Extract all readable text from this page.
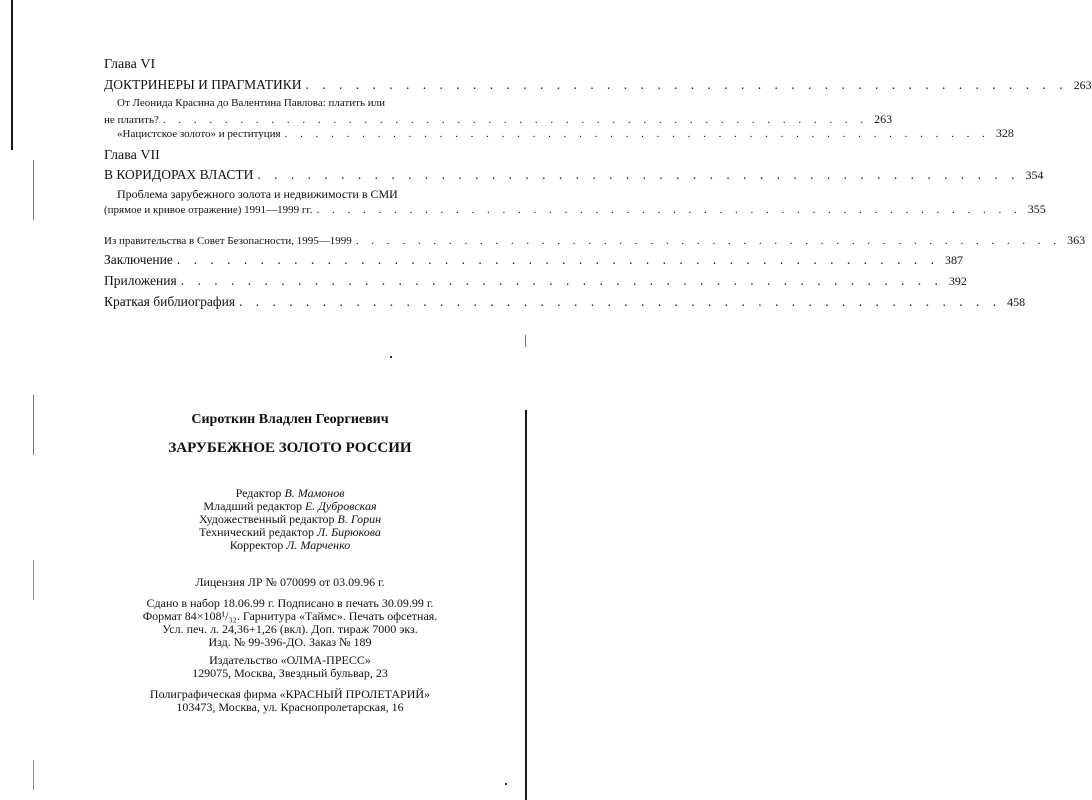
Глава VI
ДОКТРИНЕРЫ И ПРАГМАТИКИ . . . . . . . . . . . . . . . . . . . . . . . . . . . . . . . . . . . . . . . . . . . . . . 263
От Леонида Красина до Валентина Павлова: платить или
не платить? . . . . . . . . . . . . . . . . . . . . . . . . . . . . . . . . . . . . . . . . . . . . . . 263
«Нацистское золото» и реституция . . . . . . . . . . . . . . . . . . . . . . . . . . . . . . . . . . . . . . . . . . . . . . 328
Глава VII
В КОРИДОРАХ ВЛАСТИ . . . . . . . . . . . . . . . . . . . . . . . . . . . . . . . . . . . . . . . . . . . . . . 354
Проблема зарубежного золота и недвижимости в СМИ
(прямое и кривое отражение) 1991—1999 гг. . . . . . . . . . . . . . . . . . . . . . . . . . . . . . . . . . . . . . . . . . . . . . . 355
Из правительства в Совет Безопасности, 1995—1999 . . . . . . . . . . . . . . . . . . . . . . . . . . . . . . . . . . . . . . . . . . . . . . 363
Заключение . . . . . . . . . . . . . . . . . . . . . . . . . . . . . . . . . . . . . . . . . . . . . . 387
Приложения . . . . . . . . . . . . . . . . . . . . . . . . . . . . . . . . . . . . . . . . . . . . . . 392
Краткая библиография . . . . . . . . . . . . . . . . . . . . . . . . . . . . . . . . . . . . . . . . . . . . . . 458
Сироткин Владлен Георгиевич
ЗАРУБЕЖНОЕ ЗОЛОТО РОССИИ
Редактор В. Мамонов
Младший редактор Е. Дубровская
Художественный редактор В. Горин
Технический редактор Л. Бирюкова
Корректор Л. Марченко
Лицензия ЛР № 070099 от 03.09.96 г.
Сдано в набор 18.06.99 г. Подписано в печать 30.09.99 г.
Формат 84×108¹/₃₂. Гарнитура «Таймс». Печать офсетная.
Усл. печ. л. 24,36+1,26 (вкл). Доп. тираж 7000 экз.
Изд. № 99-396-ДО. Заказ № 189
Издательство «ОЛМА-ПРЕСС»
129075, Москва, Звездный бульвар, 23
Полиграфическая фирма «КРАСНЫЙ ПРОЛЕТАРИЙ»
103473, Москва, ул. Краснопролетарская, 16
